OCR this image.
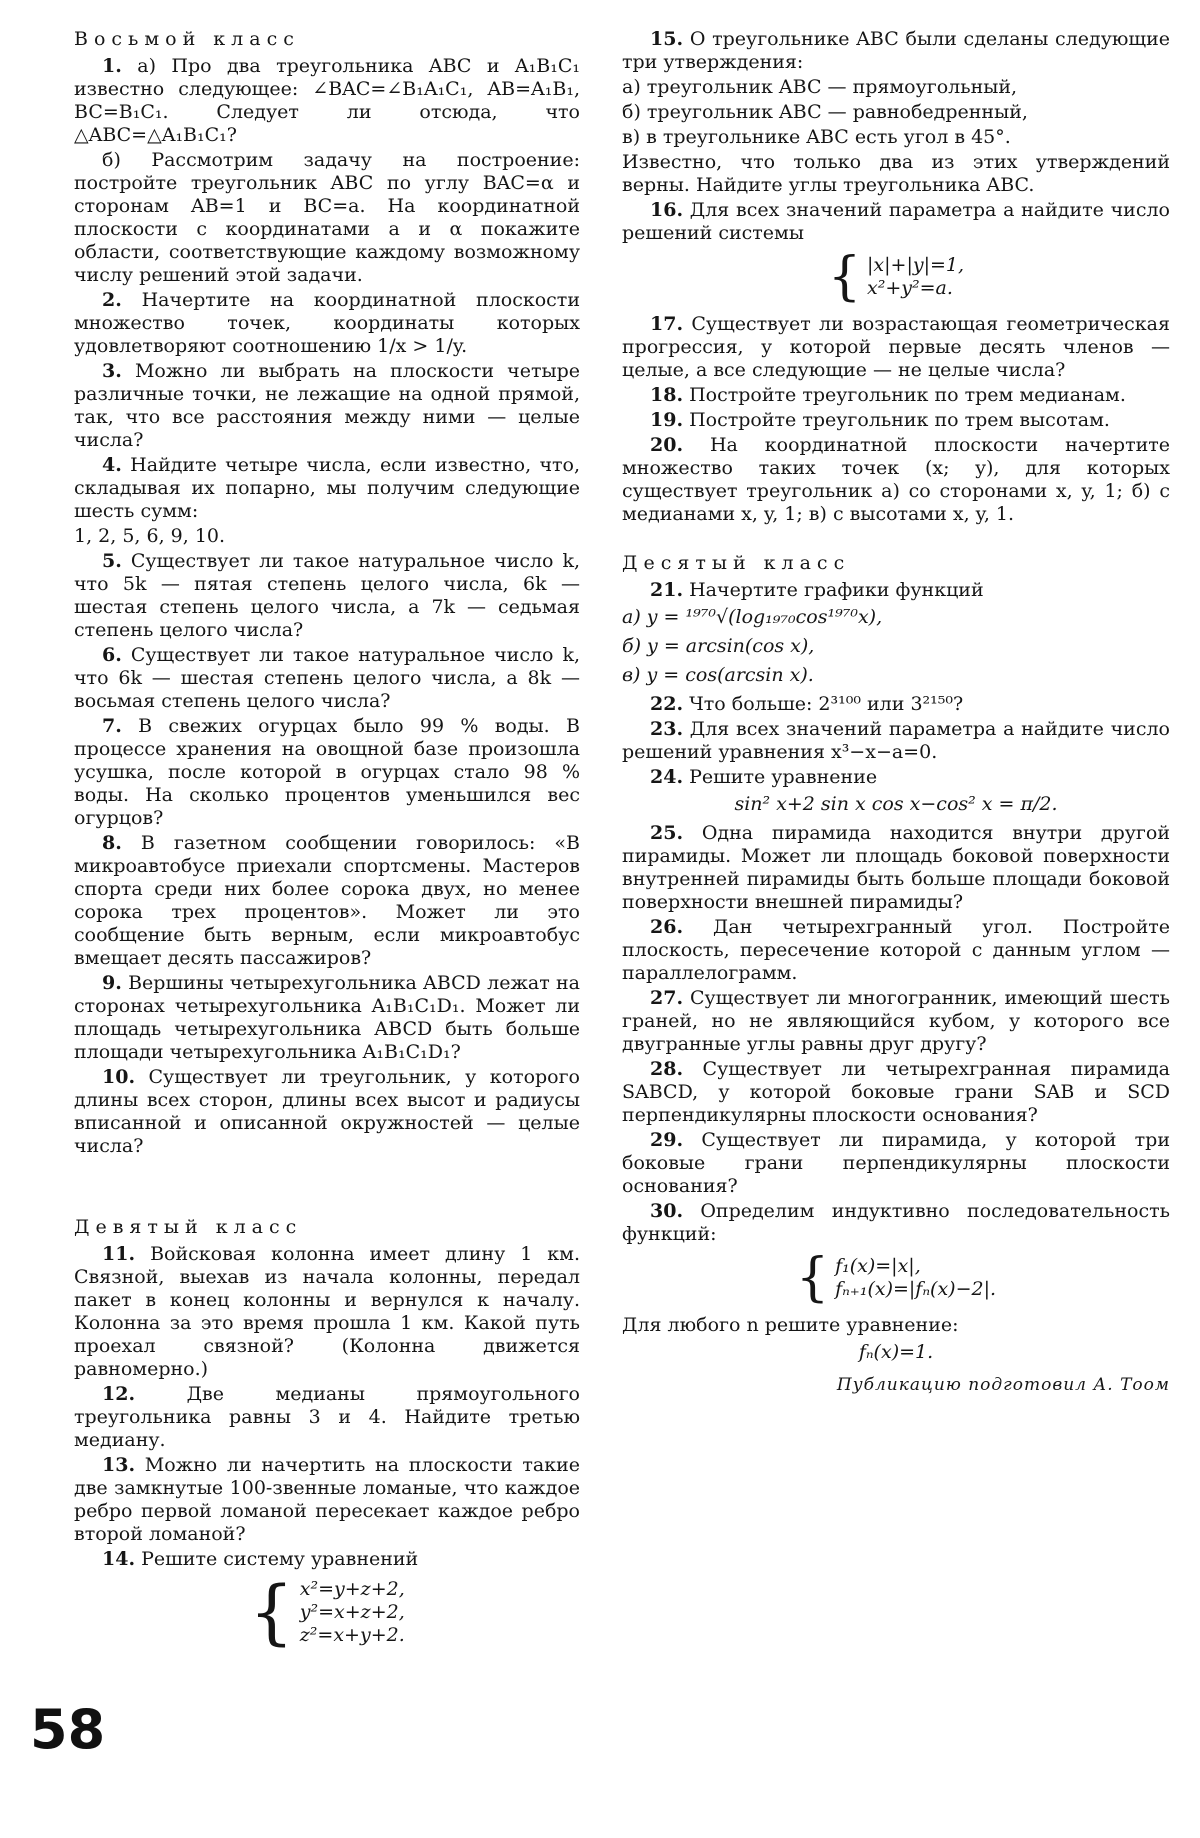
Восьмой класс
1. а) Про два треугольника ABC и A₁B₁C₁ известно следующее: ∠BAC=∠B₁A₁C₁, AB=A₁B₁, BC=B₁C₁. Следует ли отсюда, что △ABC=△A₁B₁C₁?
б) Рассмотрим задачу на построение: постройте треугольник ABC по углу BAC=α и сторонам AB=1 и BC=a. На координатной плоскости с координатами a и α покажите области, соответствующие каждому возможному числу решений этой задачи.
2. Начертите на координатной плоскости множество точек, координаты которых удовлетворяют соотношению 1/x > 1/y.
3. Можно ли выбрать на плоскости четыре различные точки, не лежащие на одной прямой, так, что все расстояния между ними — целые числа?
4. Найдите четыре числа, если известно, что, складывая их попарно, мы получим следующие шесть сумм:
1, 2, 5, 6, 9, 10.
5. Существует ли такое натуральное число k, что 5k — пятая степень целого числа, 6k — шестая степень целого числа, а 7k — седьмая степень целого числа?
6. Существует ли такое натуральное число k, что 6k — шестая степень целого числа, а 8k — восьмая степень целого числа?
7. В свежих огурцах было 99 % воды. В процессе хранения на овощной базе произошла усушка, после которой в огурцах стало 98 % воды. На сколько процентов уменьшился вес огурцов?
8. В газетном сообщении говорилось: «В микроавтобусе приехали спортсмены. Мастеров спорта среди них более сорока двух, но менее сорока трех процентов». Может ли это сообщение быть верным, если микроавтобус вмещает десять пассажиров?
9. Вершины четырехугольника ABCD лежат на сторонах четырехугольника A₁B₁C₁D₁. Может ли площадь четырехугольника ABCD быть больше площади четырехугольника A₁B₁C₁D₁?
10. Существует ли треугольник, у которого длины всех сторон, длины всех высот и радиусы вписанной и описанной окружностей — целые числа?
Девятый класс
11. Войсковая колонна имеет длину 1 км. Связной, выехав из начала колонны, передал пакет в конец колонны и вернулся к началу. Колонна за это время прошла 1 км. Какой путь проехал связной? (Колонна движется равномерно.)
12.	Две медианы прямоугольного треугольника равны 3 и 4. Найдите третью медиану.
13. Можно ли начертить на плоскости такие две замкнутые 100-звенные ломаные, что каждое ребро первой ломаной пересекает каждое ребро второй ломаной?
14. Решите систему уравнений
{ x²=y+z+2,
y²=x+z+2,
z²=x+y+2.
15. О треугольнике ABC были сделаны следующие три утверждения:
а) треугольник ABC — прямоугольный,
б) треугольник ABC — равнобедренный,
в) в треугольнике ABC есть угол в 45°.
Известно, что только два из этих утверждений верны. Найдите углы треугольника ABC.
16. Для всех значений параметра a найдите число решений системы
{ |x|+|y|=1,
x²+y²=a.
17. Существует ли возрастающая геометрическая прогрессия, у которой первые десять членов — целые, а все следующие — не целые числа?
18. Постройте треугольник по трем медианам.
19. Постройте треугольник по трем высотам.
20. На координатной плоскости начертите множество таких точек (x; y), для которых существует треугольник а) со сторонами x, y, 1; б) с медианами x, y, 1; в) с высотами x, y, 1.
Десятый класс
21. Начертите графики функций
а) y = ¹⁹⁷⁰√(log₁₉₇₀cos¹⁹⁷⁰x),
б) y = arcsin(cos x),
в) y = cos(arcsin x).
22. Что больше: 2³¹⁰⁰ или 3²¹⁵⁰?
23. Для всех значений параметра a найдите число решений уравнения x³−x−a=0.
24. Решите уравнение
sin² x+2 sin x cos x−cos² x = π/2.
25. Одна пирамида находится внутри другой пирамиды. Может ли площадь боковой поверхности внутренней пирамиды быть больше площади боковой поверхности внешней пирамиды?
26. Дан четырехгранный угол. Постройте плоскость, пересечение которой с данным углом — параллелограмм.
27. Существует ли многогранник, имеющий шесть граней, но не являющийся кубом, у которого все двугранные углы равны друг другу?
28. Существует ли четырехгранная пирамида SABCD, у которой боковые грани SAB и SCD перпендикулярны плоскости основания?
29. Существует ли пирамида, у которой три боковые грани перпендикулярны плоскости основания?
30. Определим индуктивно последовательность функций:
{ f₁(x)=|x|,
fₙ₊₁(x)=|fₙ(x)−2|.
Для любого n решите уравнение:
fₙ(x)=1.
Публикацию подготовил А. Тоом
58
